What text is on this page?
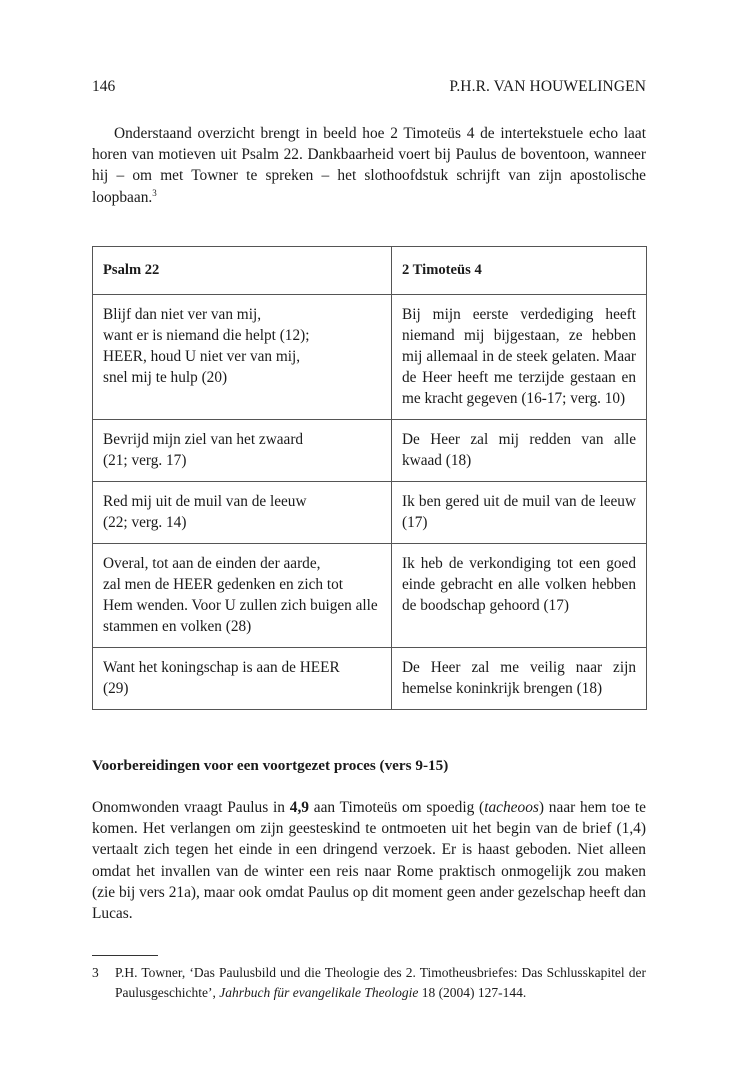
146	P.H.R. VAN HOUWELINGEN

Onderstaand overzicht brengt in beeld hoe 2 Timoteüs 4 de intertekstuele echo laat horen van motieven uit Psalm 22. Dankbaarheid voert bij Paulus de boventoon, wanneer hij – om met Towner te spreken – het slothoofdstuk schrijft van zijn apostolische loopbaan.$^3$

Psalm 22	2 Timoteüs 4
Blijf dan niet ver van mij,
want er is niemand die helpt (12);
HEER, houd U niet ver van mij,
snel mij te hulp (20)	Bij mijn eerste verdediging heeft niemand mij bijgestaan, ze hebben mij allemaal in de steek gelaten. Maar de Heer heeft me terzijde gestaan en me kracht gegeven (16-17; verg. 10)
Bevrijd mijn ziel van het zwaard
(21; verg. 17)	De Heer zal mij redden van alle kwaad (18)
Red mij uit de muil van de leeuw
(22; verg. 14)	Ik ben gered uit de muil van de leeuw (17)
Overal, tot aan de einden der aarde,
zal men de HEER gedenken en zich tot
Hem wenden. Voor U zullen zich buigen alle stammen en volken (28)	Ik heb de verkondiging tot een goed einde gebracht en alle volken hebben de boodschap gehoord (17)
Want het koningschap is aan de HEER
(29)	De Heer zal me veilig naar zijn hemelse koninkrijk brengen (18)
Voorbereidingen voor een voortgezet proces (vers 9-15)

Onomwonden vraagt Paulus in 4,9 aan Timoteüs om spoedig (tacheoos) naar hem toe te komen. Het verlangen om zijn geesteskind te ontmoeten uit het begin van de brief (1,4) vertaalt zich tegen het einde in een dringend verzoek. Er is haast geboden. Niet alleen omdat het invallen van de winter een reis naar Rome praktisch onmogelijk zou maken (zie bij vers 21a), maar ook omdat Paulus op dit moment geen ander gezelschap heeft dan Lucas.

3 P.H. Towner, ‘Das Paulusbild und die Theologie des 2. Timotheusbriefes: Das Schlusskapitel der Paulusgeschichte’, Jahrbuch für evangelikale Theologie 18 (2004) 127-144.
